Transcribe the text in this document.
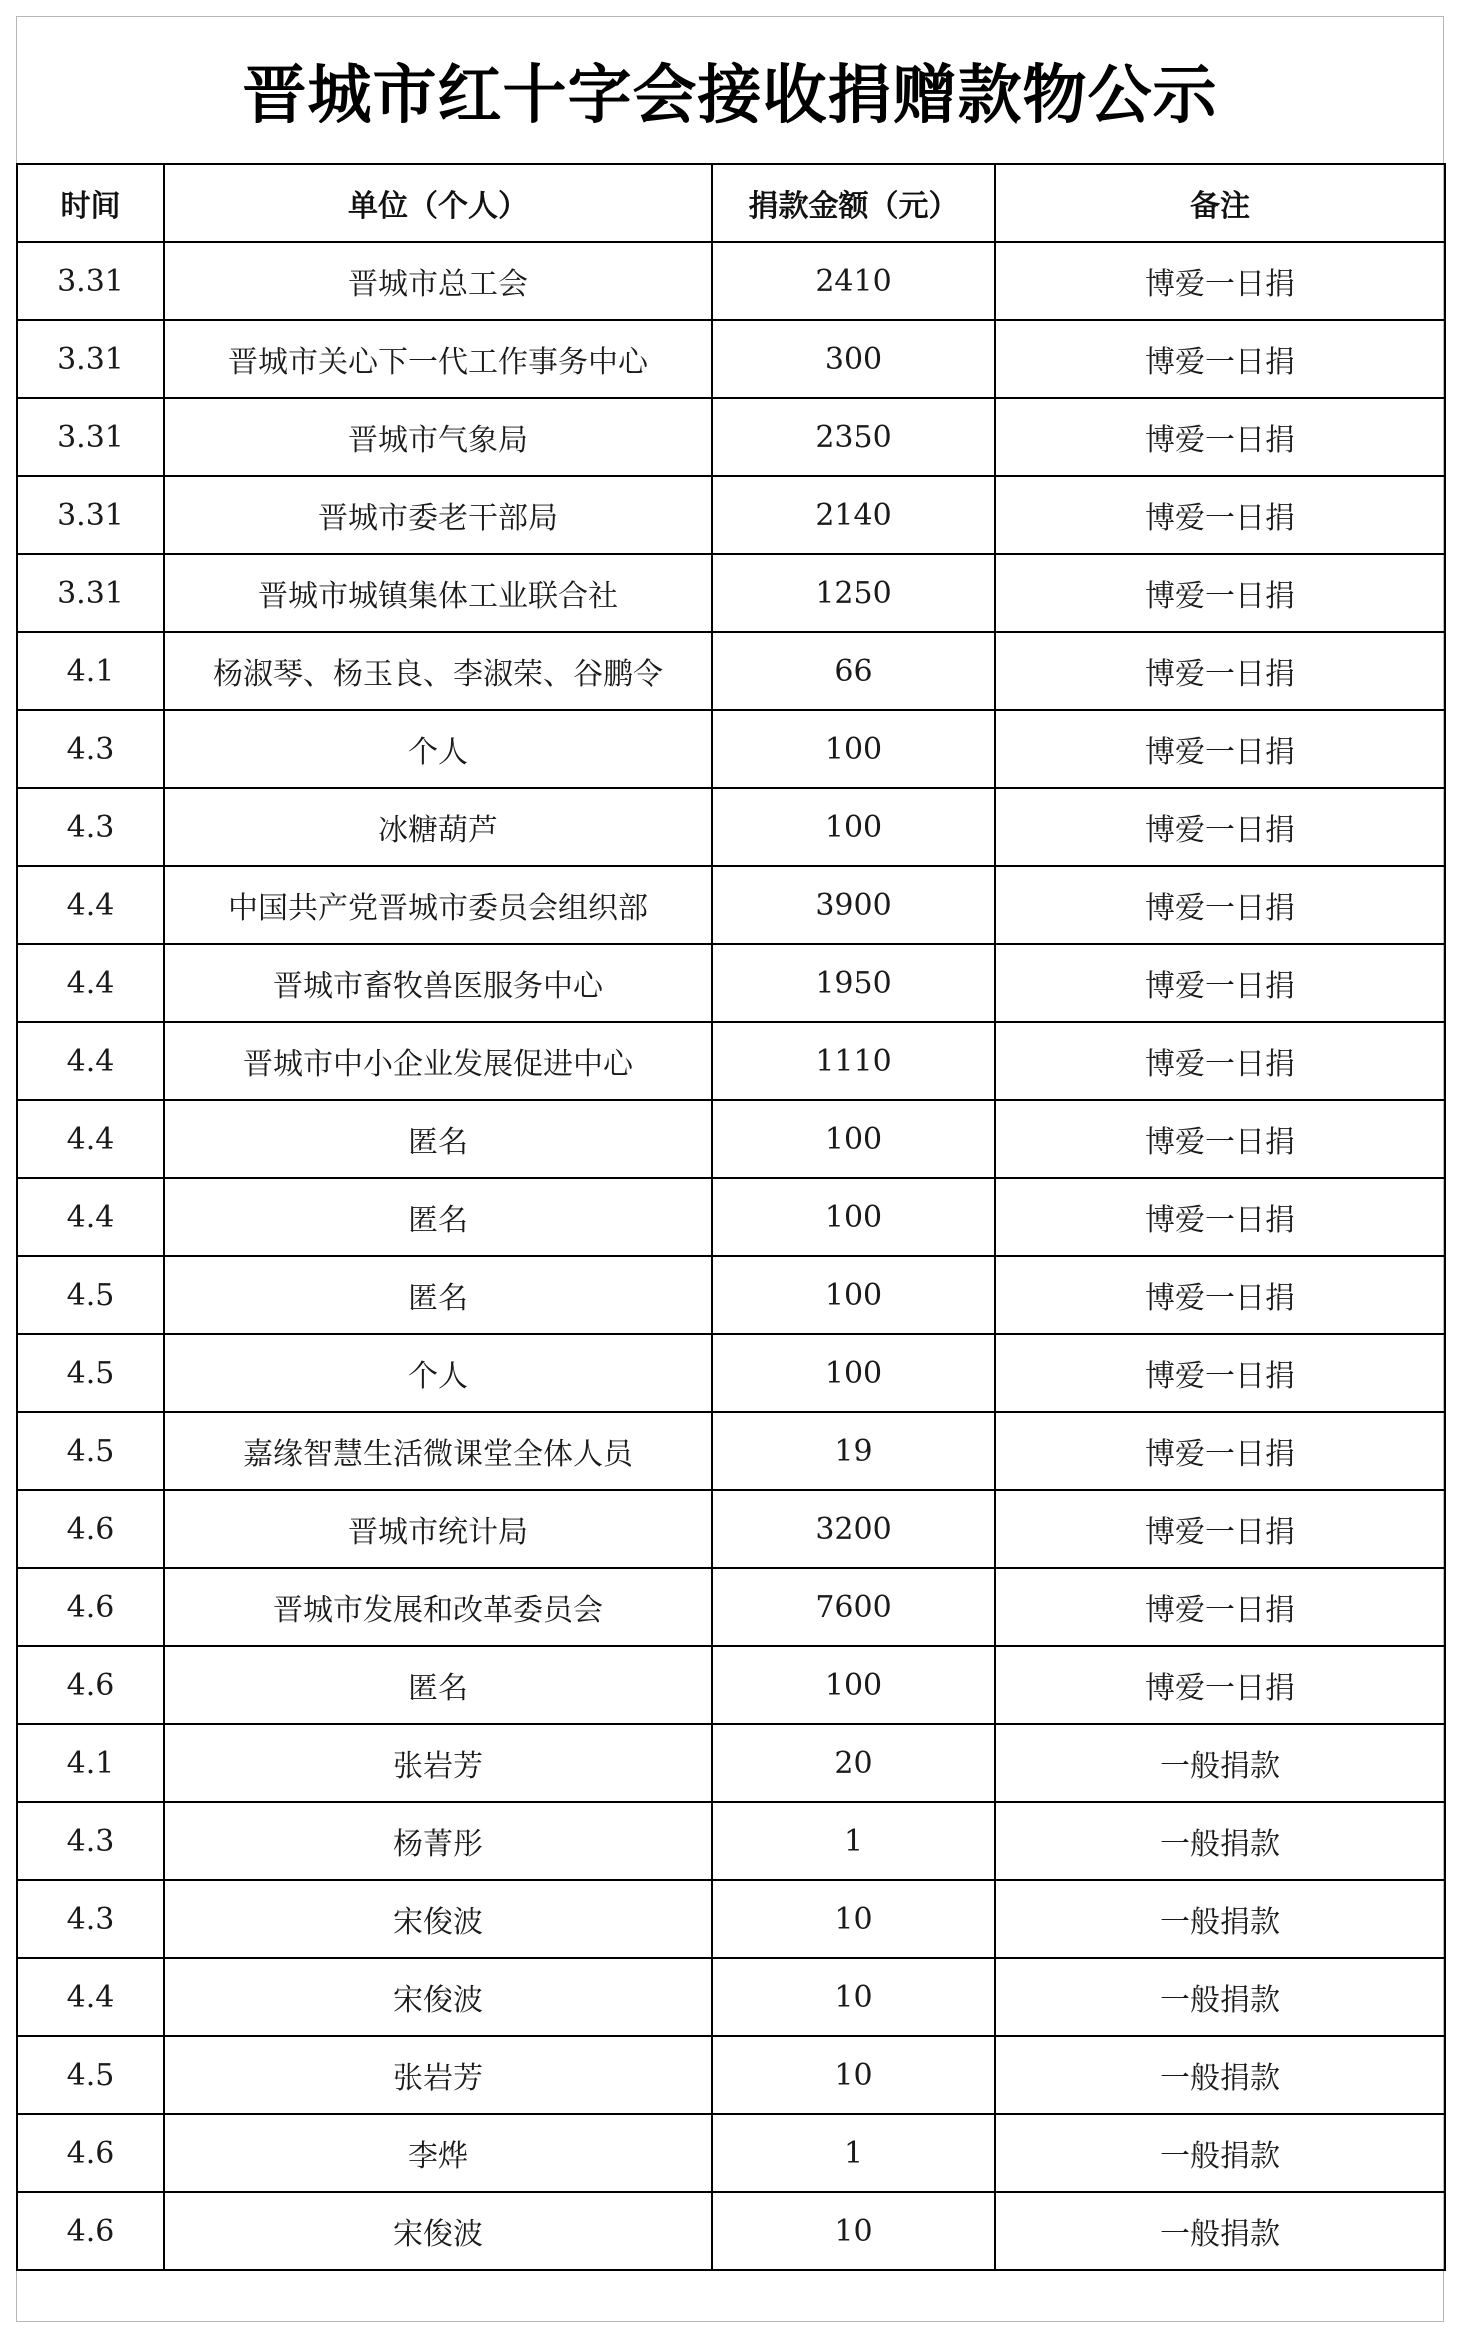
晋城市红十字会接收捐赠款物公示
时间	单位（个人）	捐款金额（元）	备注
3.31	晋城市总工会	2410	博爱一日捐
3.31	晋城市关心下一代工作事务中心	300	博爱一日捐
3.31	晋城市气象局	2350	博爱一日捐
3.31	晋城市委老干部局	2140	博爱一日捐
3.31	晋城市城镇集体工业联合社	1250	博爱一日捐
4.1	杨淑琴、杨玉良、李淑荣、谷鹏令	66	博爱一日捐
4.3	个人	100	博爱一日捐
4.3	冰糖葫芦	100	博爱一日捐
4.4	中国共产党晋城市委员会组织部	3900	博爱一日捐
4.4	晋城市畜牧兽医服务中心	1950	博爱一日捐
4.4	晋城市中小企业发展促进中心	1110	博爱一日捐
4.4	匿名	100	博爱一日捐
4.4	匿名	100	博爱一日捐
4.5	匿名	100	博爱一日捐
4.5	个人	100	博爱一日捐
4.5	嘉缘智慧生活微课堂全体人员	19	博爱一日捐
4.6	晋城市统计局	3200	博爱一日捐
4.6	晋城市发展和改革委员会	7600	博爱一日捐
4.6	匿名	100	博爱一日捐
4.1	张岩芳	20	一般捐款
4.3	杨菁彤	1	一般捐款
4.3	宋俊波	10	一般捐款
4.4	宋俊波	10	一般捐款
4.5	张岩芳	10	一般捐款
4.6	李烨	1	一般捐款
4.6	宋俊波	10	一般捐款
